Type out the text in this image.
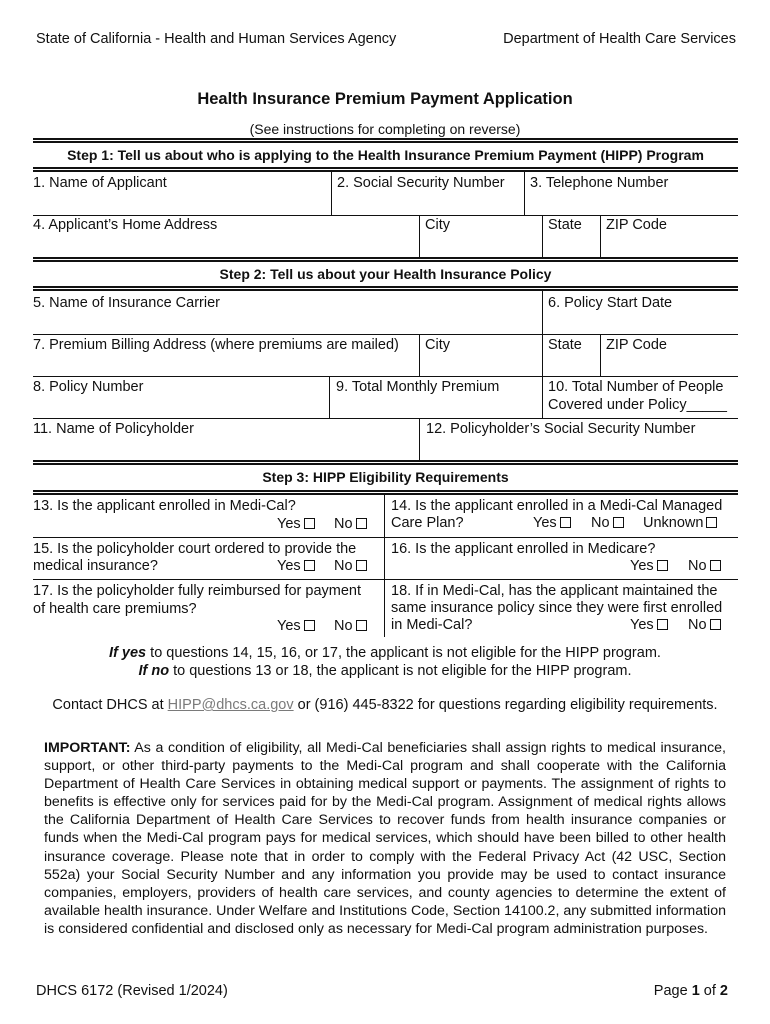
State of California - Health and Human Services Agency	Department of Health Care Services
Health Insurance Premium Payment Application
(See instructions for completing on reverse)
Step 1: Tell us about who is applying to the Health Insurance Premium Payment (HIPP) Program
1. Name of Applicant	2. Social Security Number 3. Telephone Number
4. Applicant’s Home Address	City	State ZIP Code
Step 2: Tell us about your Health Insurance Policy
5. Name of Insurance Carrier	6. Policy Start Date
7. Premium Billing Address (where premiums are mailed) City	State ZIP Code
8. Policy Number	9. Total Monthly Premium	10. Total Number of People
Covered under Policy_____
11. Name of Policyholder	12. Policyholder’s Social Security Number
Step 3: HIPP Eligibility Requirements
13. Is the applicant enrolled in Medi-Cal?
Yes	No
14. Is the applicant enrolled in a Medi-Cal Managed
Care Plan?	Yes	No	Unknown
15. Is the policyholder court ordered to provide the
medical insurance?	Yes	No
16. Is the applicant enrolled in Medicare?
Yes	No
17. Is the policyholder fully reimbursed for payment
of health care premiums?
Yes	No
18. If in Medi-Cal, has the applicant maintained the
same insurance policy since they were first enrolled
in Medi-Cal?	Yes	No
If yes to questions 14, 15, 16, or 17, the applicant is not eligible for the HIPP program.
If no to questions 13 or 18, the applicant is not eligible for the HIPP program.
Contact DHCS at HIPP@dhcs.ca.gov or (916) 445-8322 for questions regarding eligibility requirements.
IMPORTANT: As a condition of eligibility, all Medi-Cal beneficiaries shall assign rights to medical insurance, support, or other third-party payments to the Medi-Cal program and shall cooperate with the California Department of Health Care Services in obtaining medical support or payments. The assignment of rights to benefits is effective only for services paid for by the Medi-Cal program. Assignment of medical rights allows the California Department of Health Care Services to recover funds from health insurance companies or funds when the Medi-Cal program pays for medical services, which should have been billed to other health insurance coverage. Please note that in order to comply with the Federal Privacy Act (42 USC, Section 552a) your Social Security Number and any information you provide may be used to contact insurance companies, employers, providers of health care services, and county agencies to determine the extent of available health insurance. Under Welfare and Institutions Code, Section 14100.2, any submitted information is considered confidential and disclosed only as necessary for Medi-Cal program administration purposes.
DHCS 6172 (Revised 1/2024)	Page 1 of 2
